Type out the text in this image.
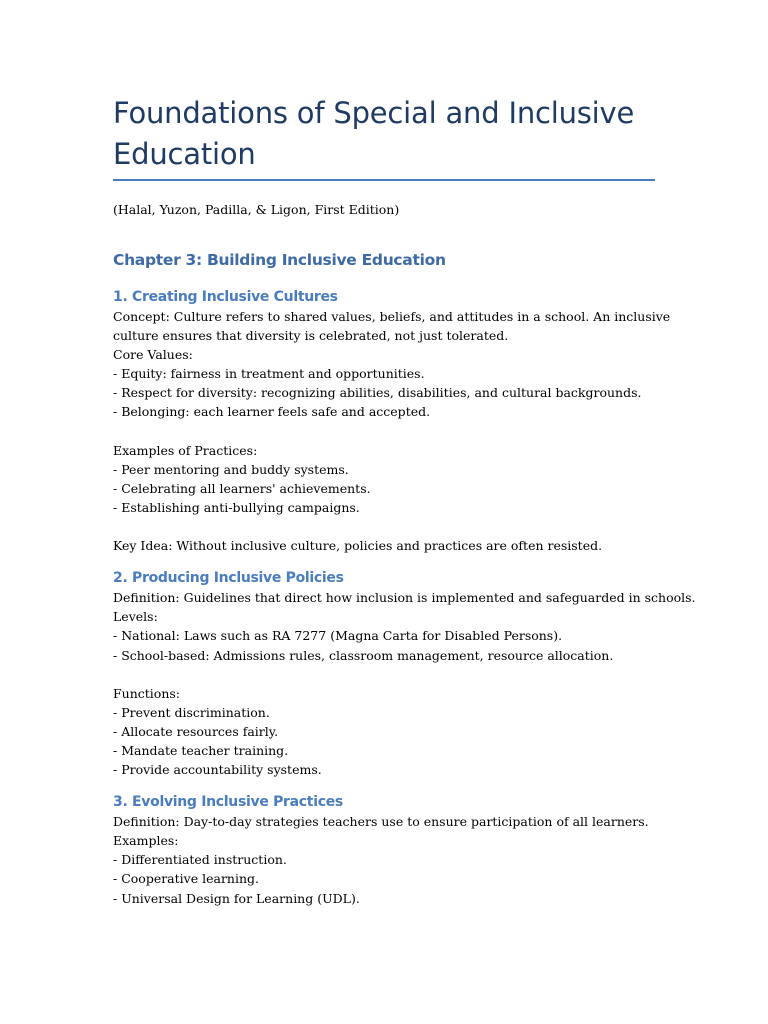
Foundations of Special and Inclusive Education
(Halal, Yuzon, Padilla, & Ligon, First Edition)
Chapter 3: Building Inclusive Education
1. Creating Inclusive Cultures
Concept: Culture refers to shared values, beliefs, and attitudes in a school. An inclusive
culture ensures that diversity is celebrated, not just tolerated.
Core Values:
- Equity: fairness in treatment and opportunities.
- Respect for diversity: recognizing abilities, disabilities, and cultural backgrounds.
- Belonging: each learner feels safe and accepted.
Examples of Practices:
- Peer mentoring and buddy systems.
- Celebrating all learners' achievements.
- Establishing anti-bullying campaigns.
Key Idea: Without inclusive culture, policies and practices are often resisted.
2. Producing Inclusive Policies
Definition: Guidelines that direct how inclusion is implemented and safeguarded in schools.
Levels:
- National: Laws such as RA 7277 (Magna Carta for Disabled Persons).
- School-based: Admissions rules, classroom management, resource allocation.
Functions:
- Prevent discrimination.
- Allocate resources fairly.
- Mandate teacher training.
- Provide accountability systems.
3. Evolving Inclusive Practices
Definition: Day-to-day strategies teachers use to ensure participation of all learners.
Examples:
- Differentiated instruction.
- Cooperative learning.
- Universal Design for Learning (UDL).
